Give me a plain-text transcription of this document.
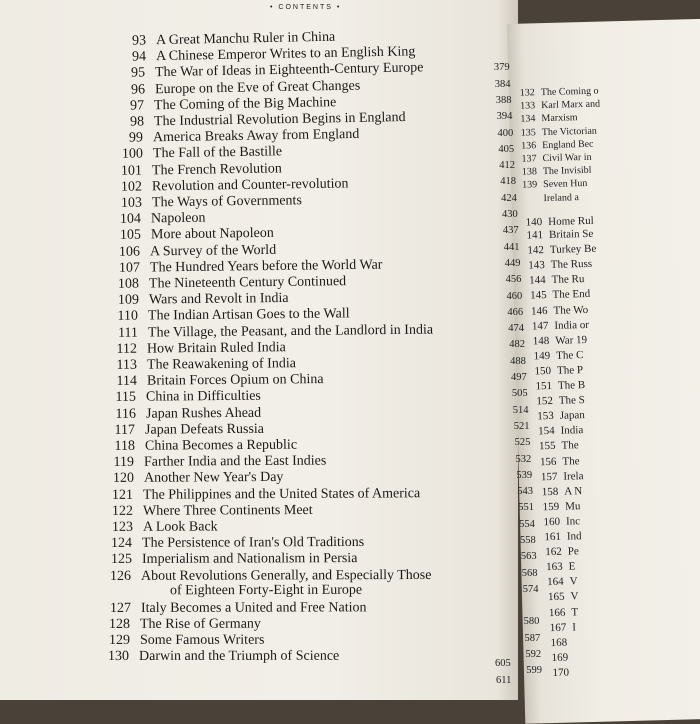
132 The Coming o
133 Karl Marx and
134 Marxism
135 The Victorian
136 England Bec
137 Civil War in
138 The Invisibl
139 Seven Hun
Ireland a
140 Home Rul
141 Britain Se
142 Turkey Be
143 The Russ
144 The Ru
145 The End
146 The Wo
147 India or
148 War 19
149 The C
150 The P
151 The B
152 The S
153 Japan
154 India
155 The
156 The
157 Irela
158 A N
159 Mu
160 Inc
161 Ind
162 Pe
163 E
164 V
165 V
166 T
167 I
168
169
170
• CONTENTS •
93 A Great Manchu Ruler in China
94 A Chinese Emperor Writes to an English King
379
95 The War of Ideas in Eighteenth-Century Europe
384
96 Europe on the Eve of Great Changes
388
97 The Coming of the Big Machine
394
98 The Industrial Revolution Begins in England
400
99 America Breaks Away from England
405
100 The Fall of the Bastille
412
101 The French Revolution
418
102 Revolution and Counter-revolution
424
103 The Ways of Governments
430
104 Napoleon
437
105 More about Napoleon
441
106 A Survey of the World
449
107 The Hundred Years before the World War
456
108 The Nineteenth Century Continued
460
109 Wars and Revolt in India
466
110 The Indian Artisan Goes to the Wall
474
111 The Village, the Peasant, and the Landlord in India
482
112 How Britain Ruled India
488
113 The Reawakening of India
497
114 Britain Forces Opium on China
505
115 China in Difficulties
514
116 Japan Rushes Ahead
521
117 Japan Defeats Russia
525
118 China Becomes a Republic
532
119 Farther India and the East Indies
539
120 Another New Year's Day
543
121 The Philippines and the United States of America
551
122 Where Three Continents Meet
554
123 A Look Back
558
124 The Persistence of Iran's Old Traditions
563
125 Imperialism and Nationalism in Persia
568
126 About Revolutions Generally, and Especially Those
574
127 Italy Becomes a United and Free Nation
580
128 The Rise of Germany
587
129 Some Famous Writers
592
130 Darwin and the Triumph of Science
599
of Eighteen Forty-Eight in Europe
605
611
